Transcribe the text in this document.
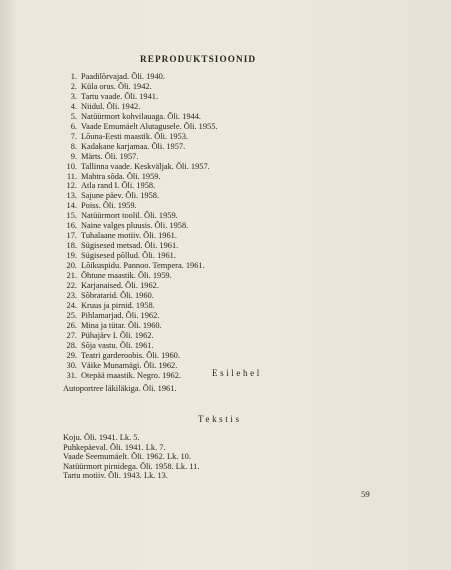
REPRODUKTSIOONID
1. Paadilõrvajad. Õli. 1940.
2. Küla orus. Õli. 1942.
3. Tartu vaade. Õli. 1941.
4. Niidul. Õli. 1942.
5. Natüürmort kohvilauaga. Õli. 1944.
6. Vaade Emumäelt Alutagusele. Õli. 1955.
7. Lõuna-Eesti maastik. Õli. 1953.
8. Kadakane karjamaa. Õli. 1957.
9. Märts. Õli. 1957.
10. Tallinna vaade. Keskväljak. Õli. 1957.
11. Mahtra sõda. Õli. 1959.
12. Atla rand I. Õli. 1958.
13. Sajune päev. Õli. 1958.
14. Poiss. Õli. 1959.
15. Natüürmort toolil. Õli. 1959.
16. Naine valges pluusis. Õli. 1958.
17. Tuhalaane motiiv. Õli. 1961.
18. Sügisesed metsad. Õli. 1961.
19. Sügisesed põllud. Õli. 1961.
20. Lõikuspidu. Pannoo. Tempera. 1961.
21. Õhtune maastik. Õli. 1959.
22. Karjanaised. Õli. 1962.
23. Sõbratarid. Õli. 1960.
24. Kruus ja pirnid. 1958.
25. Pihlamarjad. Õli. 1962.
26. Mina ja tütar. Õli. 1960.
27. Pühajärv I. Õli. 1962.
28. Sõja vastu. Õli. 1961.
29. Teatri garderoobis. Õli. 1960.
30. Väike Munamägi. Õli. 1962.
31. Otepää maastik. Negro. 1962.	Esilehel
Autoportree läkiläkiga. Õli. 1961.
Tekstis
Koju. Õli. 1941. Lk. 5.
Puhkepäeval. Õli. 1941. Lk. 7.
Vaade Seemumäelt. Õli. 1962. Lk. 10.
Natüürmort pirnidega. Õli. 1958. Lk. 11.
Tartu motiiv. Õli. 1943. Lk. 13.
59
